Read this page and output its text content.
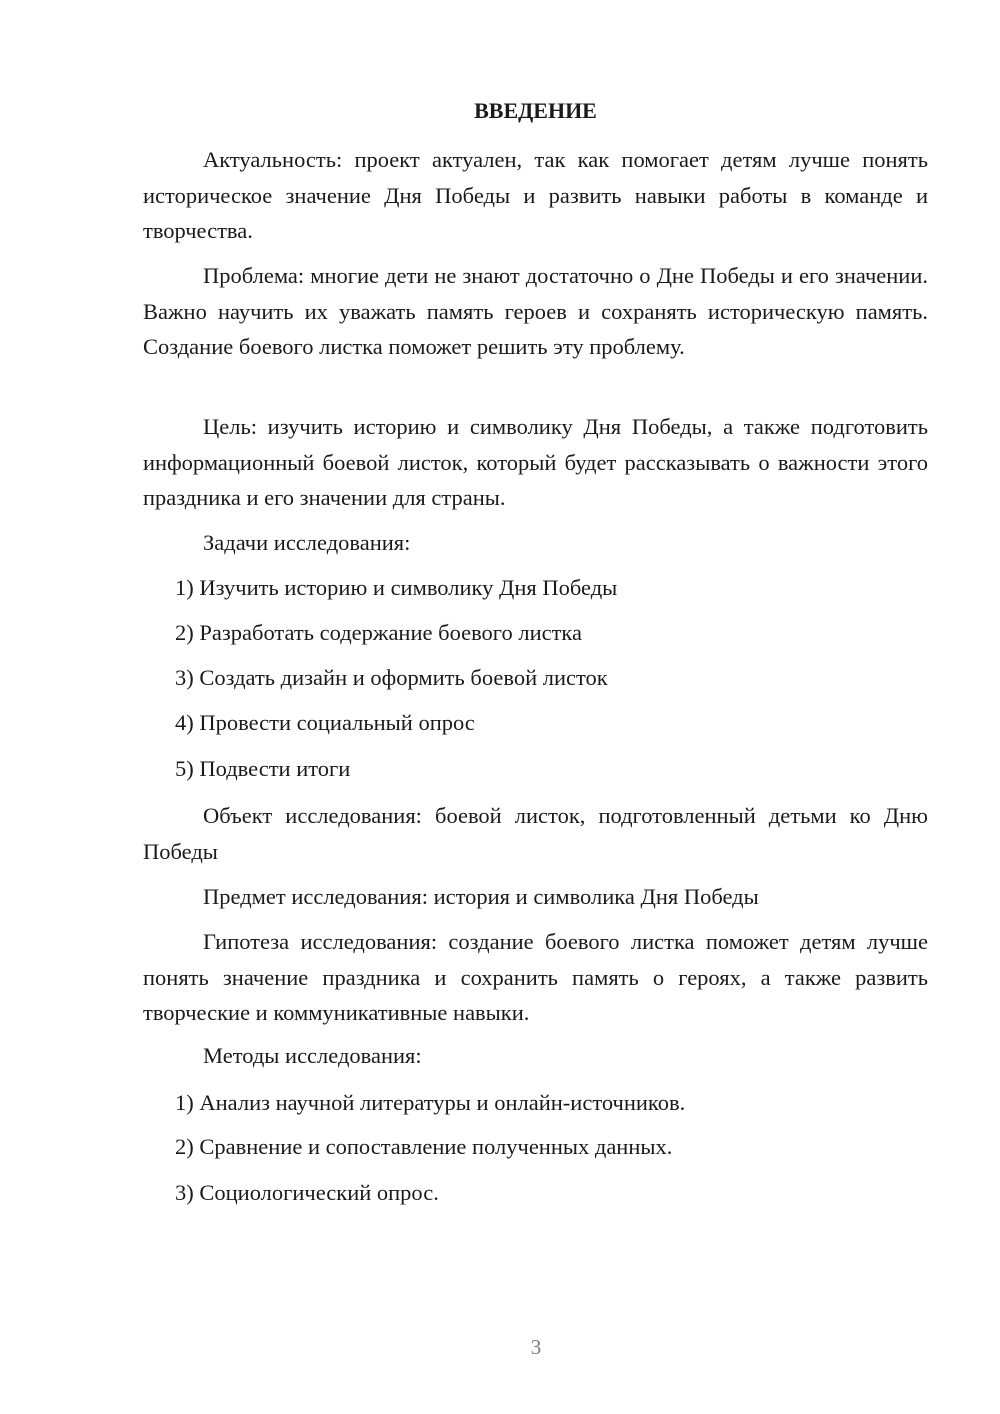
ВВЕДЕНИЕ

Актуальность: проект актуален, так как помогает детям лучше понять историческое значение Дня Победы и развить навыки работы в команде и творчества.

Проблема: многие дети не знают достаточно о Дне Победы и его значении. Важно научить их уважать память героев и сохранять историческую память. Создание боевого листка поможет решить эту проблему.

Цель: изучить историю и символику Дня Победы, а также подготовить информационный боевой листок, который будет рассказывать о важности этого праздника и его значении для страны.

Задачи исследования:
1) Изучить историю и символику Дня Победы
2) Разработать содержание боевого листка
3) Создать дизайн и оформить боевой листок
4) Провести социальный опрос
5) Подвести итоги

Объект исследования: боевой листок, подготовленный детьми ко Дню Победы

Предмет исследования: история и символика Дня Победы

Гипотеза исследования: создание боевого листка поможет детям лучше понять значение праздника и сохранить память о героях, а также развить творческие и коммуникативные навыки.

Методы исследования:
1) Анализ научной литературы и онлайн-источников.
2) Сравнение и сопоставление полученных данных.
3) Социологический опрос.
3
